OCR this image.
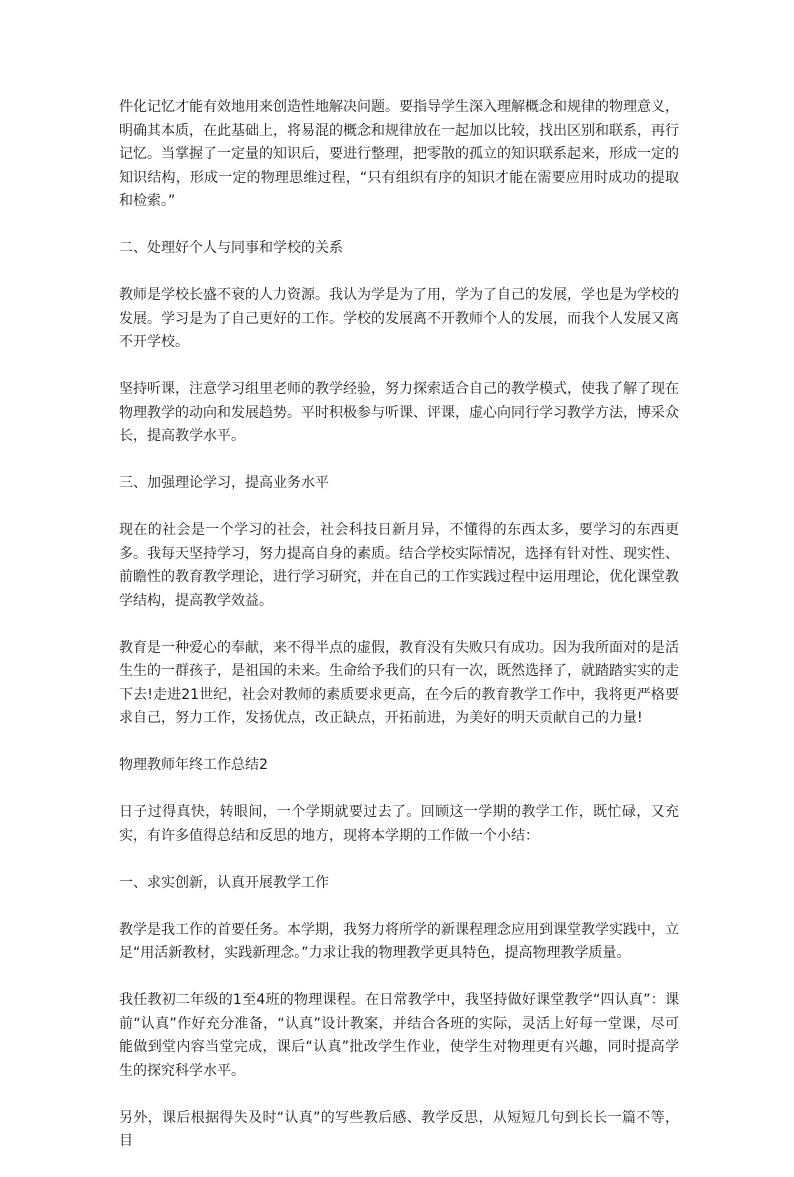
件化记忆才能有效地用来创造性地解决问题。要指导学生深入理解概念和规律的物理意义，明确其本质，在此基础上，将易混的概念和规律放在一起加以比较，找出区别和联系，再行记忆。当掌握了一定量的知识后，要进行整理，把零散的孤立的知识联系起来，形成一定的知识结构，形成一定的物理思维过程，“只有组织有序的知识才能在需要应用时成功的提取和检索。”

二、处理好个人与同事和学校的关系

教师是学校长盛不衰的人力资源。我认为学是为了用，学为了自己的发展，学也是为学校的发展。学习是为了自己更好的工作。学校的发展离不开教师个人的发展，而我个人发展又离不开学校。

坚持听课，注意学习组里老师的教学经验，努力探索适合自己的教学模式，使我了解了现在物理教学的动向和发展趋势。平时积极参与听课、评课，虚心向同行学习教学方法，博采众长，提高教学水平。

三、加强理论学习，提高业务水平

现在的社会是一个学习的社会，社会科技日新月异，不懂得的东西太多，要学习的东西更多。我每天坚持学习，努力提高自身的素质。结合学校实际情况，选择有针对性、现实性、前瞻性的教育教学理论，进行学习研究，并在自己的工作实践过程中运用理论，优化课堂教学结构，提高教学效益。

教育是一种爱心的奉献，来不得半点的虚假，教育没有失败只有成功。因为我所面对的是活生生的一群孩子，是祖国的未来。生命给予我们的只有一次，既然选择了，就踏踏实实的走下去!走进21世纪，社会对教师的素质要求更高，在今后的教育教学工作中，我将更严格要求自己，努力工作，发扬优点，改正缺点，开拓前进，为美好的明天贡献自己的力量!

物理教师年终工作总结2

日子过得真快，转眼间，一个学期就要过去了。回顾这一学期的教学工作，既忙碌，又充实，有许多值得总结和反思的地方，现将本学期的工作做一个小结：

一、求实创新，认真开展教学工作

教学是我工作的首要任务。本学期，我努力将所学的新课程理念应用到课堂教学实践中，立足“用活新教材，实践新理念。”力求让我的物理教学更具特色，提高物理教学质量。

我任教初二年级的1至4班的物理课程。在日常教学中，我坚持做好课堂教学“四认真”：课前“认真”作好充分准备，“认真”设计教案，并结合各班的实际，灵活上好每一堂课，尽可能做到堂内容当堂完成，课后“认真”批改学生作业，使学生对物理更有兴趣，同时提高学生的探究科学水平。

另外，课后根据得失及时“认真”的写些教后感、教学反思，从短短几句到长长一篇不等，目
